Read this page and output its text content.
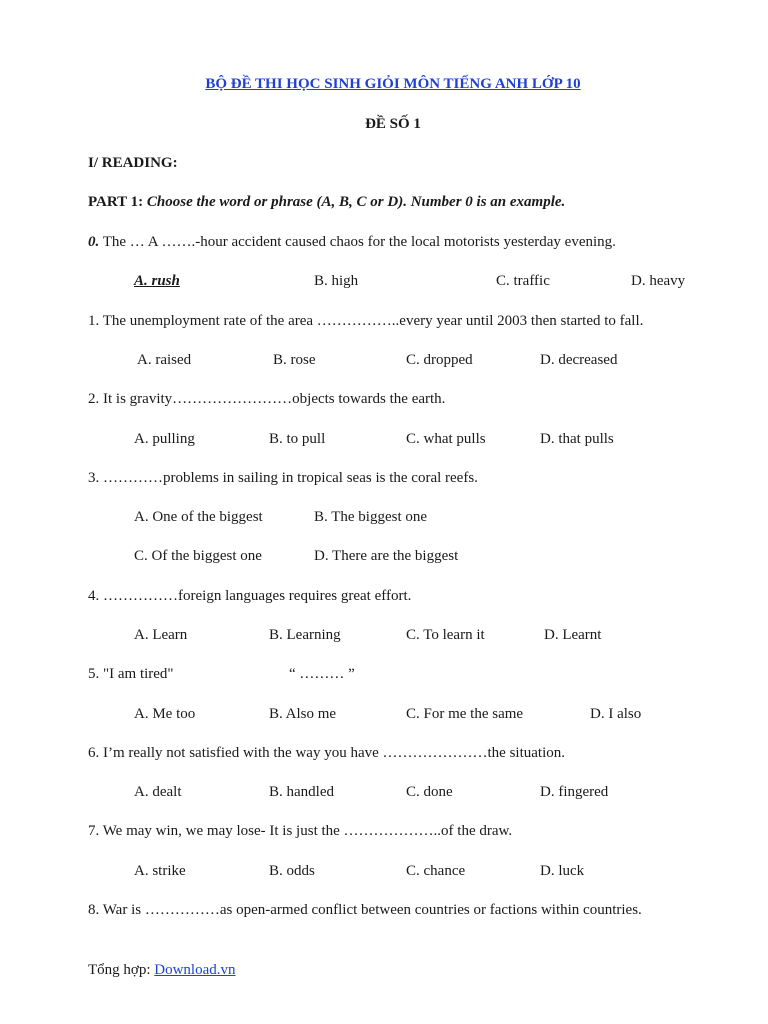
BỘ ĐỀ THI HỌC SINH GIỎI MÔN TIẾNG ANH LỚP 10
ĐỀ SỐ 1
I/ READING:
PART 1: Choose the word or phrase (A, B, C or D). Number 0 is an example.
0. The … A …….-hour accident caused chaos for the local motorists yesterday evening.
A. rush	B. high	C. traffic	D. heavy
1. The unemployment rate of the area ……………..every year until 2003 then started to fall.
A. raised	B. rose	C. dropped	D. decreased
2. It is gravity……………………objects towards the earth.
A. pulling	B. to pull	C. what pulls	D. that pulls
3. …………problems in sailing in tropical seas is the coral reefs.
A. One of the biggest	B. The biggest one
C. Of the biggest one	D. There are the biggest
4. ……………foreign languages requires great effort.
A. Learn	B. Learning	C. To learn it	D. Learnt
5. "I am tired"	“ ……… ”
A. Me too	B. Also me	C. For me the same	D. I also
6. I’m really not satisfied with the way you have …………………the situation.
A. dealt	B. handled	C. done	D. fingered
7. We may win, we may lose- It is just the ………………..of the draw.
A. strike	B. odds	C. chance	D. luck
8. War is ……………as open-armed conflict between countries or factions within countries.
Tổng hợp: Download.vn
